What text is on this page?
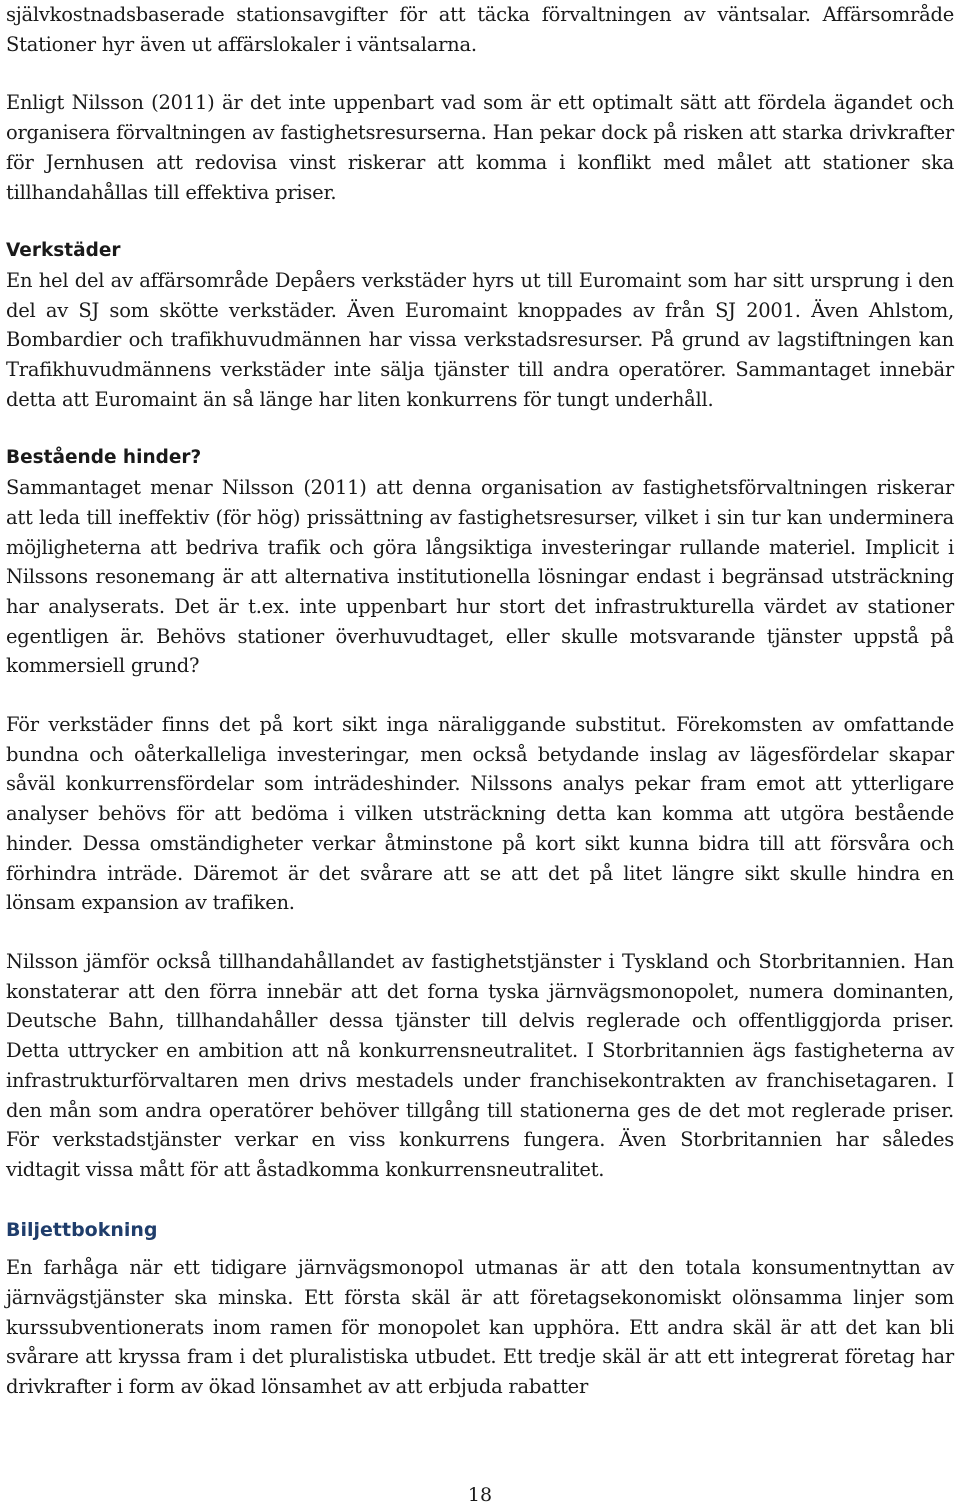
självkostnadsbaserade stationsavgifter för att täcka förvaltningen av väntsalar. Affärsområde Stationer hyr även ut affärslokaler i väntsalarna.

Enligt Nilsson (2011) är det inte uppenbart vad som är ett optimalt sätt att fördela ägandet och organisera förvaltningen av fastighetsresurserna. Han pekar dock på risken att starka drivkrafter för Jernhusen att redovisa vinst riskerar att komma i konflikt med målet att stationer ska tillhandahållas till effektiva priser.

Verkstäder

En hel del av affärsområde Depåers verkstäder hyrs ut till Euromaint som har sitt ursprung i den del av SJ som skötte verkstäder. Även Euromaint knoppades av från SJ 2001. Även Ahlstom, Bombardier och trafikhuvudmännen har vissa verkstadsresurser. På grund av lagstiftningen kan Trafikhuvudmännens verkstäder inte sälja tjänster till andra operatörer. Sammantaget innebär detta att Euromaint än så länge har liten konkurrens för tungt underhåll.

Bestående hinder?

Sammantaget menar Nilsson (2011) att denna organisation av fastighetsförvaltningen riskerar att leda till ineffektiv (för hög) prissättning av fastighetsresurser, vilket i sin tur kan underminera möjligheterna att bedriva trafik och göra långsiktiga investeringar rullande materiel. Implicit i Nilssons resonemang är att alternativa institutionella lösningar endast i begränsad utsträckning har analyserats. Det är t.ex. inte uppenbart hur stort det infrastrukturella värdet av stationer egentligen är. Behövs stationer överhuvudtaget, eller skulle motsvarande tjänster uppstå på kommersiell grund?

För verkstäder finns det på kort sikt inga näraliggande substitut. Förekomsten av omfattande bundna och oåterkalleliga investeringar, men också betydande inslag av lägesfördelar skapar såväl konkurrensfördelar som inträdeshinder. Nilssons analys pekar fram emot att ytterligare analyser behövs för att bedöma i vilken utsträckning detta kan komma att utgöra bestående hinder. Dessa omständigheter verkar åtminstone på kort sikt kunna bidra till att försvåra och förhindra inträde. Däremot är det svårare att se att det på litet längre sikt skulle hindra en lönsam expansion av trafiken.

Nilsson jämför också tillhandahållandet av fastighetstjänster i Tyskland och Storbritannien. Han konstaterar att den förra innebär att det forna tyska järnvägsmonopolet, numera dominanten, Deutsche Bahn, tillhandahåller dessa tjänster till delvis reglerade och offentliggjorda priser. Detta uttrycker en ambition att nå konkurrensneutralitet. I Storbritannien ägs fastigheterna av infrastrukturförvaltaren men drivs mestadels under franchisekontrakten av franchisetagaren. I den mån som andra operatörer behöver tillgång till stationerna ges de det mot reglerade priser. För verkstadstjänster verkar en viss konkurrens fungera. Även Storbritannien har således vidtagit vissa mått för att åstadkomma konkurrensneutralitet.

Biljettbokning

En farhåga när ett tidigare järnvägsmonopol utmanas är att den totala konsumentnyttan av järnvägstjänster ska minska. Ett första skäl är att företagsekonomiskt olönsamma linjer som kurssubventionerats inom ramen för monopolet kan upphöra. Ett andra skäl är att det kan bli svårare att kryssa fram i det pluralistiska utbudet. Ett tredje skäl är att ett integrerat företag har drivkrafter i form av ökad lönsamhet av att erbjuda rabatter

18
